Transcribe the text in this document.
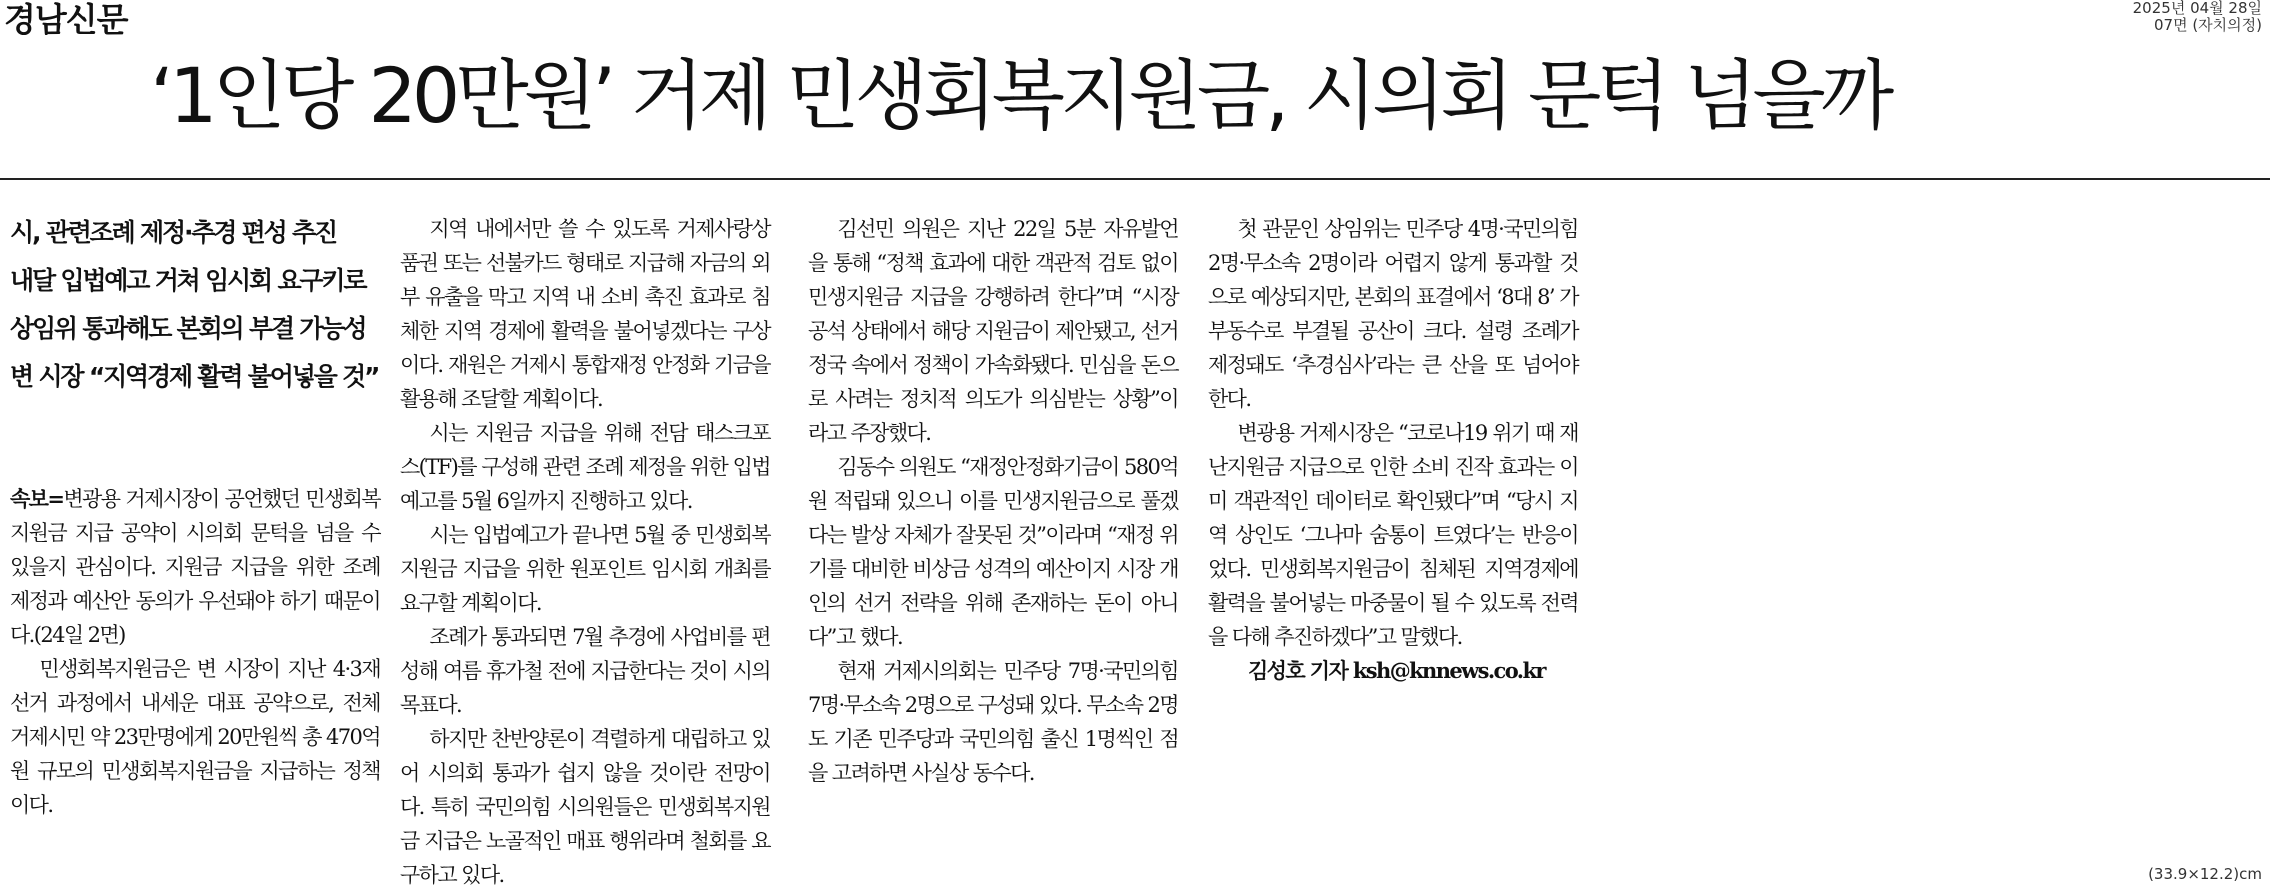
경남신문	2025년 04월 28일
07면 (자치의정)
‘1인당 20만원’ 거제 민생회복지원금, 시의회 문턱 넘을까
시, 관련조례 제정·추경 편성 추진
내달 입법예고 거쳐 임시회 요구키로
상임위 통과해도 본회의 부결 가능성
변 시장 “지역경제 활력 불어넣을 것”

속보=변광용 거제시장이 공언했던 민생회복지원금 지급 공약이 시의회 문턱을 넘을 수 있을지 관심이다. 지원금 지급을 위한 조례 제정과 예산안 동의가 우선돼야 하기 때문이다.(24일 2면)

민생회복지원금은 변 시장이 지난 4·3재선거 과정에서 내세운 대표 공약으로, 전체 거제시민 약 23만명에게 20만원씩 총 470억원 규모의 민생회복지원금을 지급하는 정책이다.

지역 내에서만 쓸 수 있도록 거제사랑상품권 또는 선불카드 형태로 지급해 자금의 외부 유출을 막고 지역 내 소비 촉진 효과로 침체한 지역 경제에 활력을 불어넣겠다는 구상이다. 재원은 거제시 통합재정 안정화 기금을 활용해 조달할 계획이다.

시는 지원금 지급을 위해 전담 태스크포스(TF)를 구성해 관련 조례 제정을 위한 입법예고를 5월 6일까지 진행하고 있다.

시는 입법예고가 끝나면 5월 중 민생회복지원금 지급을 위한 원포인트 임시회 개최를 요구할 계획이다.

조례가 통과되면 7월 추경에 사업비를 편성해 여름 휴가철 전에 지급한다는 것이 시의 목표다.

하지만 찬반양론이 격렬하게 대립하고 있어 시의회 통과가 쉽지 않을 것이란 전망이다. 특히 국민의힘 시의원들은 민생회복지원금 지급은 노골적인 매표 행위라며 철회를 요구하고 있다.

김선민 의원은 지난 22일 5분 자유발언을 통해 “정책 효과에 대한 객관적 검토 없이 민생지원금 지급을 강행하려 한다”며 “시장 공석 상태에서 해당 지원금이 제안됐고, 선거 정국 속에서 정책이 가속화됐다. 민심을 돈으로 사려는 정치적 의도가 의심받는 상황”이라고 주장했다.

김동수 의원도 “재정안정화기금이 580억원 적립돼 있으니 이를 민생지원금으로 풀겠다는 발상 자체가 잘못된 것”이라며 “재정 위기를 대비한 비상금 성격의 예산이지 시장 개인의 선거 전략을 위해 존재하는 돈이 아니다”고 했다.

현재 거제시의회는 민주당 7명·국민의힘 7명·무소속 2명으로 구성돼 있다. 무소속 2명도 기존 민주당과 국민의힘 출신 1명씩인 점을 고려하면 사실상 동수다.

첫 관문인 상임위는 민주당 4명·국민의힘 2명·무소속 2명이라 어렵지 않게 통과할 것으로 예상되지만, 본회의 표결에서 ‘8대 8’ 가부동수로 부결될 공산이 크다. 설령 조례가 제정돼도 ‘추경심사’라는 큰 산을 또 넘어야 한다.

변광용 거제시장은 “코로나19 위기 때 재난지원금 지급으로 인한 소비 진작 효과는 이미 객관적인 데이터로 확인됐다”며 “당시 지역 상인도 ‘그나마 숨통이 트였다’는 반응이었다. 민생회복지원금이 침체된 지역경제에 활력을 불어넣는 마중물이 될 수 있도록 전력을 다해 추진하겠다”고 말했다.

김성호 기자 ksh@knnews.co.kr

(33.9×12.2)cm
